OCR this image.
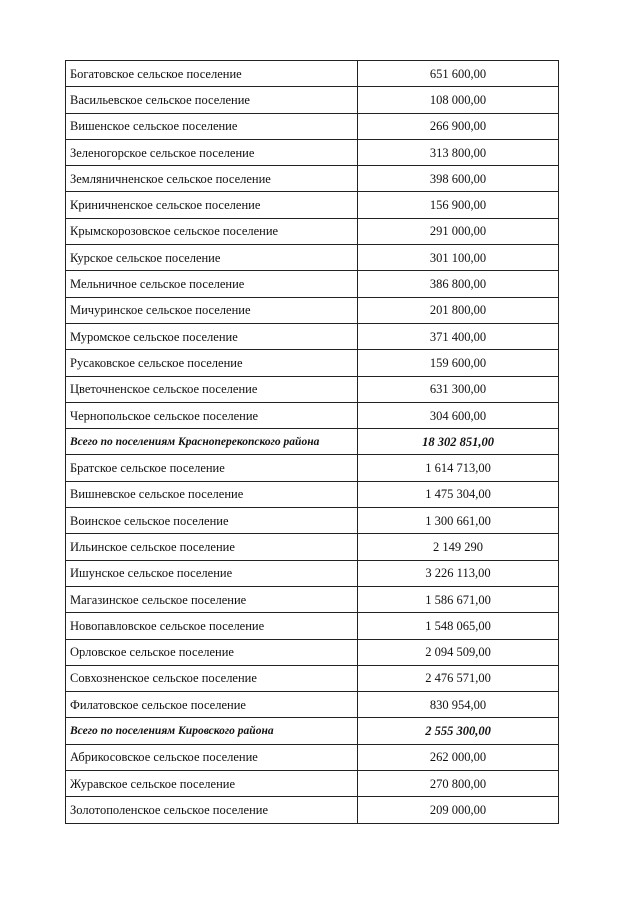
Богатовское сельское поселение	651 600,00
Васильевское сельское поселение	108 000,00
Вишенское сельское поселение	266 900,00
Зеленогорское сельское поселение	313 800,00
Земляничненское сельское поселение	398 600,00
Криничненское сельское поселение	156 900,00
Крымскорозовское сельское поселение	291 000,00
Курское сельское поселение	301 100,00
Мельничное сельское поселение	386 800,00
Мичуринское сельское поселение	201 800,00
Муромское сельское поселение	371 400,00
Русаковское сельское поселение	159 600,00
Цветочненское сельское поселение	631 300,00
Чернопольское сельское поселение	304 600,00
Всего по поселениям Красноперекопского района	18 302 851,00
Братское сельское поселение	1 614 713,00
Вишневское сельское поселение	1 475 304,00
Воинское сельское поселение	1 300 661,00
Ильинское сельское поселение	2 149 290
Ишунское сельское поселение	3 226 113,00
Магазинское сельское поселение	1 586 671,00
Новопавловское сельское поселение	1 548 065,00
Орловское сельское поселение	2 094 509,00
Совхозненское сельское поселение	2 476 571,00
Филатовское сельское поселение	830 954,00
Всего по поселениям Кировского района	2 555 300,00
Абрикосовское сельское поселение	262 000,00
Журавское сельское поселение	270 800,00
Золотополенское сельское поселение	209 000,00
